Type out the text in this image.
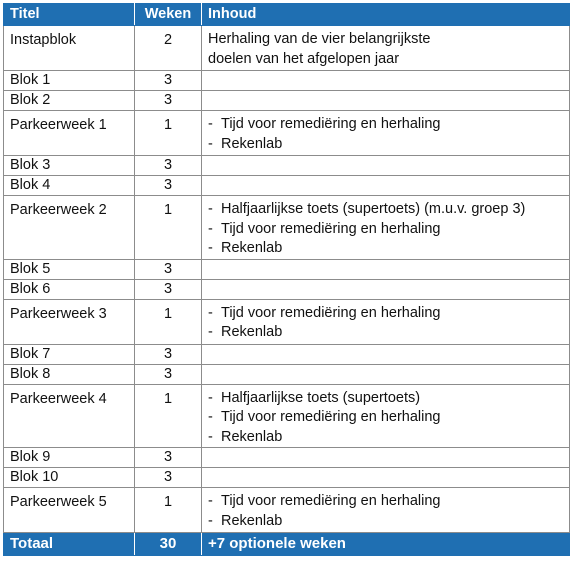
Titel	Weken	Inhoud
Instapblok	2	Herhaling van de vier belangrijkste
doelen van het afgelopen jaar

Blok 1	3	
Blok 2	3	
Parkeerweek 1	1	- Tijd voor remediëring en herhaling
- Rekenlab

Blok 3	3	
Blok 4	3	
Parkeerweek 2	1	- Halfjaarlijkse toets (supertoets) (m.u.v. groep 3)
- Tijd voor remediëring en herhaling
- Rekenlab

Blok 5	3	
Blok 6	3	
Parkeerweek 3	1	- Tijd voor remediëring en herhaling
- Rekenlab

Blok 7	3	
Blok 8	3	
Parkeerweek 4	1	- Halfjaarlijkse toets (supertoets)
- Tijd voor remediëring en herhaling
- Rekenlab

Blok 9	3	
Blok 10	3	
Parkeerweek 5	1	- Tijd voor remediëring en herhaling
- Rekenlab

Totaal	30	+7 optionele weken
